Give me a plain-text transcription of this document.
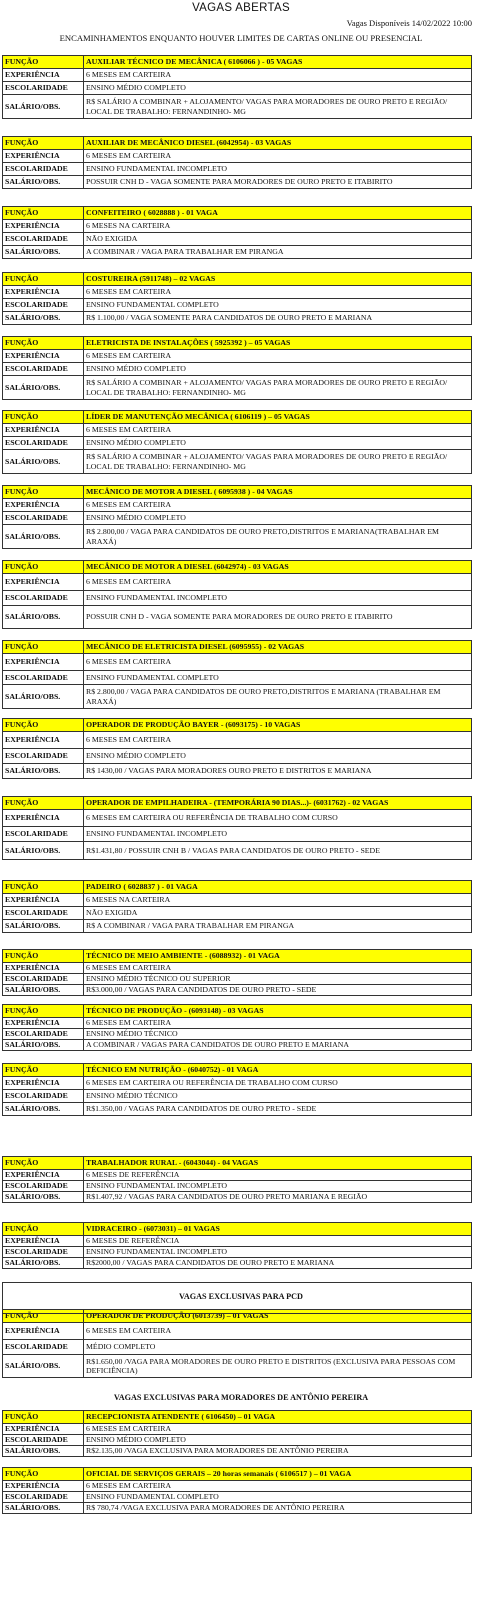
VAGAS ABERTAS
Vagas Disponíveis 14/02/2022 10:00
ENCAMINHAMENTOS ENQUANTO HOUVER LIMITES DE CARTAS ONLINE OU PRESENCIAL
FUNÇÃO	AUXILIAR TÉCNICO DE MECÂNICA ( 6106066 ) - 05 VAGAS
EXPERIÊNCIA	6 MESES EM CARTEIRA
ESCOLARIDADE	ENSINO MÉDIO COMPLETO
SALÁRIO/OBS.	R$ SALÁRIO A COMBINAR + ALOJAMENTO/ VAGAS PARA MORADORES DE OURO PRETO E REGIÃO/ LOCAL DE TRABALHO: FERNANDINHO- MG
FUNÇÃO	AUXILIAR DE MECÂNICO DIESEL (6042954) - 03 VAGAS
EXPERIÊNCIA	6 MESES EM CARTEIRA
ESCOLARIDADE	ENSINO FUNDAMENTAL INCOMPLETO
SALÁRIO/OBS.	POSSUIR CNH D - VAGA SOMENTE PARA MORADORES DE OURO PRETO E ITABIRITO
FUNÇÃO	CONFEITEIRO ( 6028888 ) - 01 VAGA
EXPERIÊNCIA	6 MESES NA CARTEIRA
ESCOLARIDADE	NÃO EXIGIDA
SALÁRIO/OBS.	A COMBINAR / VAGA PARA TRABALHAR EM PIRANGA
FUNÇÃO	COSTUREIRA (5911748) – 02 VAGAS
EXPERIÊNCIA	6 MESES EM CARTEIRA
ESCOLARIDADE	ENSINO FUNDAMENTAL COMPLETO
SALÁRIO/OBS.	R$ 1.100,00 / VAGA SOMENTE PARA CANDIDATOS DE OURO PRETO E MARIANA
FUNÇÃO	ELETRICISTA DE INSTALAÇÕES ( 5925392 ) – 05 VAGAS
EXPERIÊNCIA	6 MESES EM CARTEIRA
ESCOLARIDADE	ENSINO MÉDIO COMPLETO
SALÁRIO/OBS.	R$ SALÁRIO A COMBINAR + ALOJAMENTO/ VAGAS PARA MORADORES DE OURO PRETO E REGIÃO/ LOCAL DE TRABALHO: FERNANDINHO- MG
FUNÇÃO	LÍDER DE MANUTENÇÃO MECÂNICA ( 6106119 ) – 05 VAGAS
EXPERIÊNCIA	6 MESES EM CARTEIRA
ESCOLARIDADE	ENSINO MÉDIO COMPLETO
SALÁRIO/OBS.	R$ SALÁRIO A COMBINAR + ALOJAMENTO/ VAGAS PARA MORADORES DE OURO PRETO E REGIÃO/ LOCAL DE TRABALHO: FERNANDINHO- MG
FUNÇÃO	MECÂNICO DE MOTOR A DIESEL ( 6095938 ) - 04 VAGAS
EXPERIÊNCIA	6 MESES EM CARTEIRA
ESCOLARIDADE	ENSINO MÉDIO COMPLETO
SALÁRIO/OBS.	R$ 2.800,00 / VAGA PARA CANDIDATOS DE OURO PRETO,DISTRITOS E MARIANA(TRABALHAR EM ARAXÁ)
FUNÇÃO	MECÂNICO DE MOTOR A DIESEL (6042974) - 03 VAGAS
EXPERIÊNCIA	6 MESES EM CARTEIRA
ESCOLARIDADE	ENSINO FUNDAMENTAL INCOMPLETO
SALÁRIO/OBS.	POSSUIR CNH D - VAGA SOMENTE PARA MORADORES DE OURO PRETO E ITABIRITO
FUNÇÃO	MECÂNICO DE ELETRICISTA DIESEL (6095955) - 02 VAGAS
EXPERIÊNCIA	6 MESES EM CARTEIRA
ESCOLARIDADE	ENSINO FUNDAMENTAL COMPLETO
SALÁRIO/OBS.	R$ 2.800,00 / VAGA PARA CANDIDATOS DE OURO PRETO,DISTRITOS E MARIANA (TRABALHAR EM ARAXÁ)
FUNÇÃO	OPERADOR DE PRODUÇÃO BAYER - (6093175) - 10 VAGAS
EXPERIÊNCIA	6 MESES EM CARTEIRA
ESCOLARIDADE	ENSINO MÉDIO COMPLETO
SALÁRIO/OBS.	R$ 1430,00 / VAGAS PARA MORADORES OURO PRETO E DISTRITOS E MARIANA
FUNÇÃO	OPERADOR DE EMPILHADEIRA - (TEMPORÁRIA 90 DIAS...)- (6031762) - 02 VAGAS
EXPERIÊNCIA	6 MESES EM CARTEIRA OU REFERÊNCIA DE TRABALHO COM CURSO
ESCOLARIDADE	ENSINO FUNDAMENTAL INCOMPLETO
SALÁRIO/OBS.	R$1.431,80 / POSSUIR CNH B / VAGAS PARA CANDIDATOS DE OURO PRETO - SEDE
FUNÇÃO	PADEIRO ( 6028837 ) - 01 VAGA
EXPERIÊNCIA	6 MESES NA CARTEIRA
ESCOLARIDADE	NÃO EXIGIDA
SALÁRIO/OBS.	R$ A COMBINAR / VAGA PARA TRABALHAR EM PIRANGA
FUNÇÃO	TÉCNICO DE MEIO AMBIENTE - (6088932) - 01 VAGA
EXPERIÊNCIA	6 MESES EM CARTEIRA
ESCOLARIDADE	ENSINO MÉDIO TÉCNICO OU SUPERIOR
SALÁRIO/OBS.	R$3.000,00 / VAGAS PARA CANDIDATOS DE OURO PRETO - SEDE
FUNÇÃO	TÉCNICO DE PRODUÇÃO - (6093148) - 03 VAGAS
EXPERIÊNCIA	6 MESES EM CARTEIRA
ESCOLARIDADE	ENSINO MÉDIO TÉCNICO
SALÁRIO/OBS.	A COMBINAR / VAGAS PARA CANDIDATOS DE OURO PRETO E MARIANA
FUNÇÃO	TÉCNICO EM NUTRIÇÃO - (6040752) - 01 VAGA
EXPERIÊNCIA	6 MESES EM CARTEIRA OU REFERÊNCIA DE TRABALHO COM CURSO
ESCOLARIDADE	ENSINO MÉDIO TÉCNICO
SALÁRIO/OBS.	R$1.350,00 / VAGAS PARA CANDIDATOS DE OURO PRETO - SEDE
FUNÇÃO	TRABALHADOR RURAL - (6043044) - 04 VAGAS
EXPERIÊNCIA	6 MESES DE REFERÊNCIA
ESCOLARIDADE	ENSINO FUNDAMENTAL INCOMPLETO
SALÁRIO/OBS.	R$1.407,92 / VAGAS PARA CANDIDATOS DE OURO PRETO MARIANA E REGIÃO
FUNÇÃO	VIDRACEIRO - (6073031) – 01 VAGAS
EXPERIÊNCIA	6 MESES DE REFERÊNCIA
ESCOLARIDADE	ENSINO FUNDAMENTAL INCOMPLETO
SALÁRIO/OBS.	R$2000,00 / VAGAS PARA CANDIDATOS DE OURO PRETO E MARIANA
FUNÇÃO	OPERADOR DE PRODUÇÃO (6013739) – 01 VAGAS
EXPERIÊNCIA	6 MESES EM CARTEIRA
ESCOLARIDADE	MÉDIO COMPLETO
SALÁRIO/OBS.	R$1.650,00 /VAGA PARA MORADORES DE OURO PRETO E DISTRITOS (EXCLUSIVA PARA PESSOAS COM DEFICIÊNCIA)
FUNÇÃO	RECEPCIONISTA ATENDENTE ( 6106450) – 01 VAGA
EXPERIÊNCIA	6 MESES EM CARTEIRA
ESCOLARIDADE	ENSINO MÉDIO COMPLETO
SALÁRIO/OBS.	R$2.135,00 /VAGA EXCLUSIVA PARA MORADORES DE ANTÔNIO PEREIRA
FUNÇÃO	OFICIAL DE SERVIÇOS GERAIS – 20 horas semanais ( 6106517 ) – 01 VAGA
EXPERIÊNCIA	6 MESES EM CARTEIRA
ESCOLARIDADE	ENSINO FUNDAMENTAL COMPLETO
SALÁRIO/OBS.	R$ 780,74 /VAGA EXCLUSIVA PARA MORADORES DE ANTÔNIO PEREIRA
VAGAS EXCLUSIVAS PARA PCD
VAGAS EXCLUSIVAS PARA MORADORES DE ANTÔNIO PEREIRA
